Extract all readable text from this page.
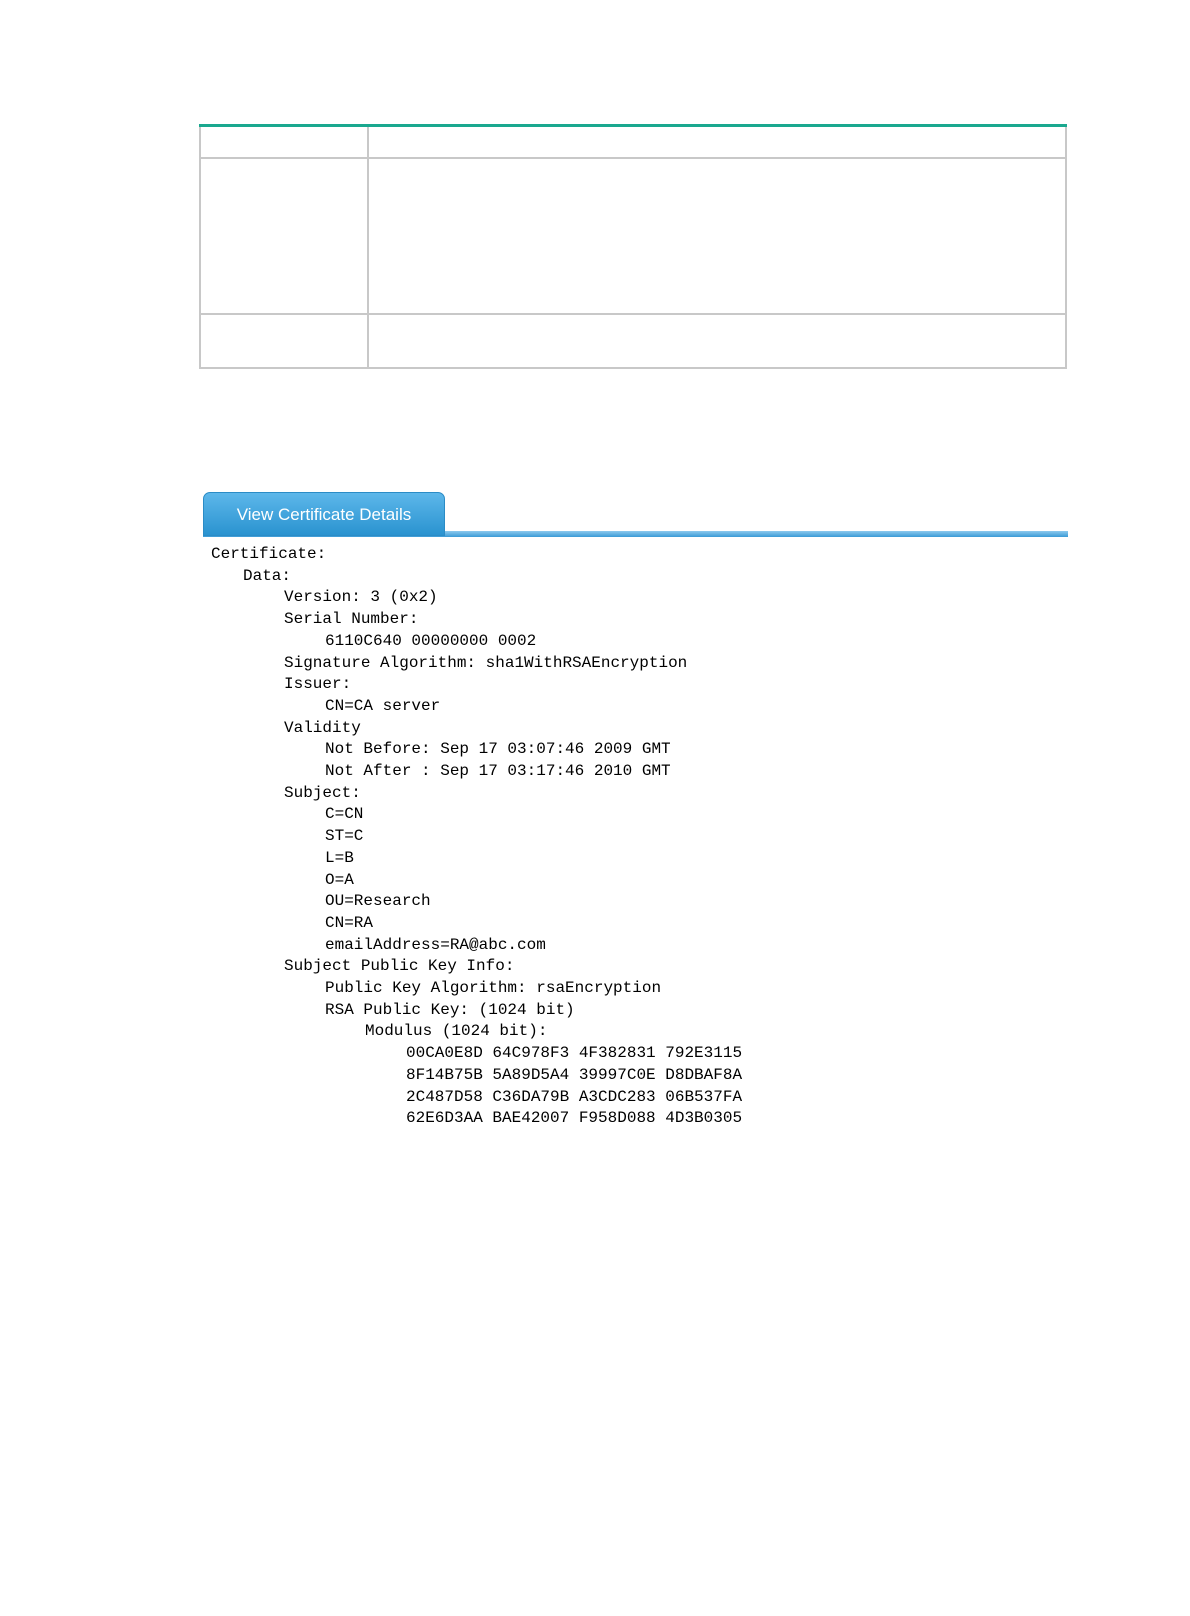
View Certificate Details
Certificate:
Data:
Version: 3 (0x2)
Serial Number:
6110C640 00000000 0002
Signature Algorithm: sha1WithRSAEncryption
Issuer:
CN=CA server
Validity
Not Before: Sep 17 03:07:46 2009 GMT
Not After : Sep 17 03:17:46 2010 GMT
Subject:
C=CN
ST=C
L=B
O=A
OU=Research
CN=RA
emailAddress=RA@abc.com
Subject Public Key Info:
Public Key Algorithm: rsaEncryption
RSA Public Key: (1024 bit)
Modulus (1024 bit):
00CA0E8D 64C978F3 4F382831 792E3115
8F14B75B 5A89D5A4 39997C0E D8DBAF8A
2C487D58 C36DA79B A3CDC283 06B537FA
62E6D3AA BAE42007 F958D088 4D3B0305
